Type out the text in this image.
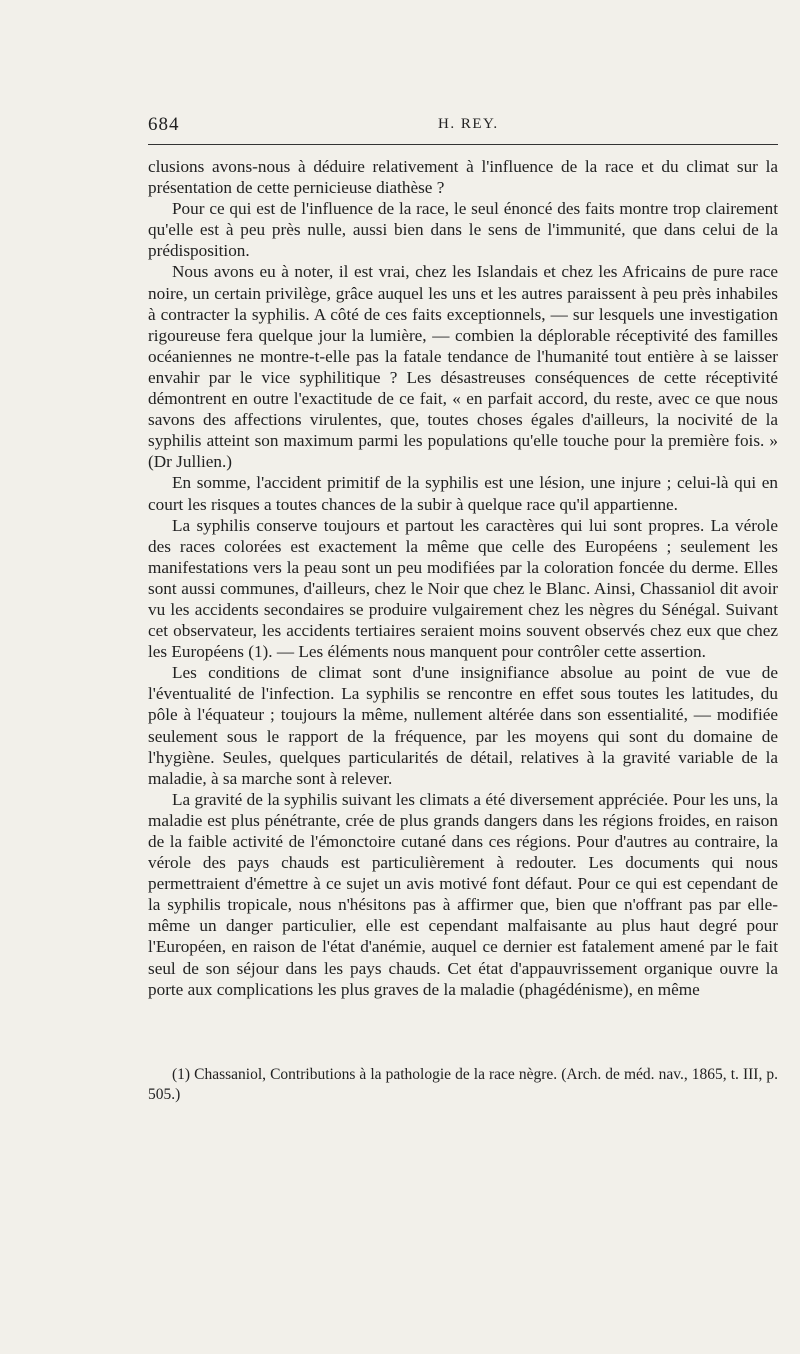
684	H. REY.

clusions avons-nous à déduire relativement à l'influence de la race et du climat sur la présentation de cette pernicieuse diathèse ?

Pour ce qui est de l'influence de la race, le seul énoncé des faits montre trop clairement qu'elle est à peu près nulle, aussi bien dans le sens de l'immunité, que dans celui de la prédisposition.

Nous avons eu à noter, il est vrai, chez les Islandais et chez les Africains de pure race noire, un certain privilège, grâce auquel les uns et les autres paraissent à peu près inhabiles à contracter la syphilis. A côté de ces faits exceptionnels, — sur lesquels une investigation rigoureuse fera quelque jour la lumière, — combien la déplorable réceptivité des familles océaniennes ne montre-t-elle pas la fatale tendance de l'humanité tout entière à se laisser envahir par le vice syphilitique ? Les désastreuses conséquences de cette réceptivité démontrent en outre l'exactitude de ce fait, « en parfait accord, du reste, avec ce que nous savons des affections virulentes, que, toutes choses égales d'ailleurs, la nocivité de la syphilis atteint son maximum parmi les populations qu'elle touche pour la première fois. » (Dr Jullien.)

En somme, l'accident primitif de la syphilis est une lésion, une injure ; celui-là qui en court les risques a toutes chances de la subir à quelque race qu'il appartienne.

La syphilis conserve toujours et partout les caractères qui lui sont propres. La vérole des races colorées est exactement la même que celle des Européens ; seulement les manifestations vers la peau sont un peu modifiées par la coloration foncée du derme. Elles sont aussi communes, d'ailleurs, chez le Noir que chez le Blanc. Ainsi, Chassaniol dit avoir vu les accidents secondaires se produire vulgairement chez les nègres du Sénégal. Suivant cet observateur, les accidents tertiaires seraient moins souvent observés chez eux que chez les Européens (1). — Les éléments nous manquent pour contrôler cette assertion.

Les conditions de climat sont d'une insignifiance absolue au point de vue de l'éventualité de l'infection. La syphilis se rencontre en effet sous toutes les latitudes, du pôle à l'équateur ; toujours la même, nullement altérée dans son essentialité, — modifiée seulement sous le rapport de la fréquence, par les moyens qui sont du domaine de l'hygiène. Seules, quelques particularités de détail, relatives à la gravité variable de la maladie, à sa marche sont à relever.

La gravité de la syphilis suivant les climats a été diversement appréciée. Pour les uns, la maladie est plus pénétrante, crée de plus grands dangers dans les régions froides, en raison de la faible activité de l'émonctoire cutané dans ces régions. Pour d'autres au contraire, la vérole des pays chauds est particulièrement à redouter. Les documents qui nous permettraient d'émettre à ce sujet un avis motivé font défaut. Pour ce qui est cependant de la syphilis tropicale, nous n'hésitons pas à affirmer que, bien que n'offrant pas par elle-même un danger particulier, elle est cependant malfaisante au plus haut degré pour l'Européen, en raison de l'état d'anémie, auquel ce dernier est fatalement amené par le fait seul de son séjour dans les pays chauds. Cet état d'appauvrissement organique ouvre la porte aux complications les plus graves de la maladie (phagédénisme), en même

(1) Chassaniol, Contributions à la pathologie de la race nègre. (Arch. de méd. nav., 1865, t. III, p. 505.)
